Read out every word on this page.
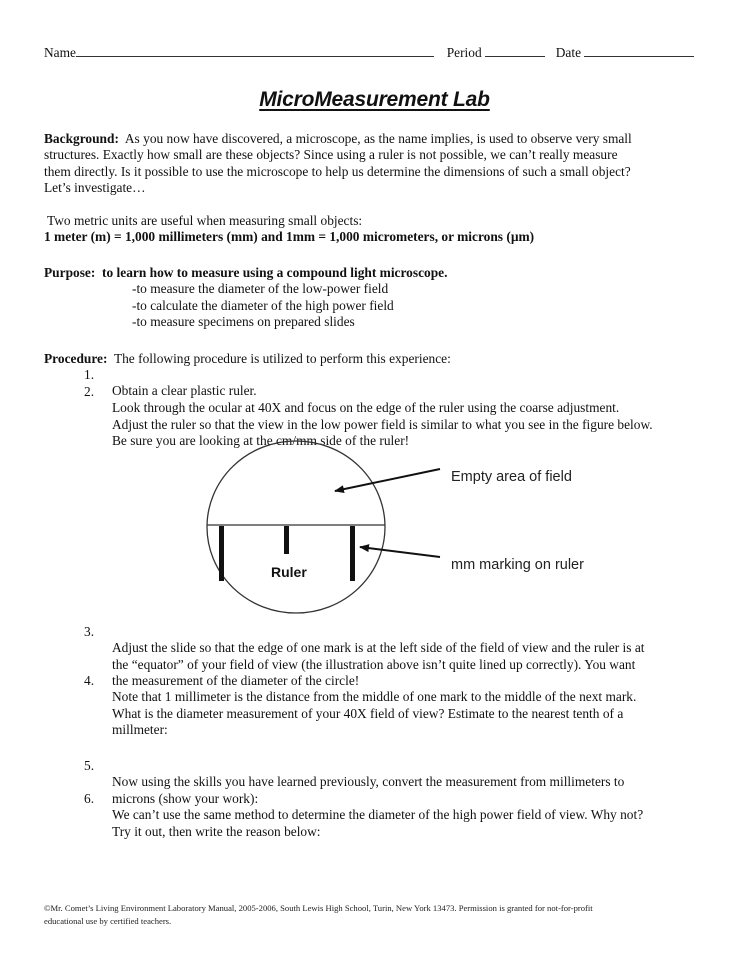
Name	Period	Date
MicroMeasurement Lab
Background: As you now have discovered, a microscope, as the name implies, is used to observe very small
structures. Exactly how small are these objects? Since using a ruler is not possible, we can’t really measure
them directly. Is it possible to use the microscope to help us determine the dimensions of such a small object?
Let’s investigate…
Two metric units are useful when measuring small objects:
1 meter (m) = 1,000 millimeters (mm) and 1mm = 1,000 micrometers, or microns (µm)
Purpose: to learn how to measure using a compound light microscope.
-to measure the diameter of the low-power field
-to calculate the diameter of the high power field
-to measure specimens on prepared slides
Procedure: The following procedure is utilized to perform this experience:
1.
Obtain a clear plastic ruler.
2.
Look through the ocular at 40X and focus on the edge of the ruler using the coarse adjustment.
Adjust the ruler so that the view in the low power field is similar to what you see in the figure below.
Be sure you are looking at the cm/mm side of the ruler!
Ruler
Empty area of field
mm marking on ruler
3.
Adjust the slide so that the edge of one mark is at the left side of the field of view and the ruler is at
the “equator” of your field of view (the illustration above isn’t quite lined up correctly). You want
the measurement of the diameter of the circle!
4.
Note that 1 millimeter is the distance from the middle of one mark to the middle of the next mark.
What is the diameter measurement of your 40X field of view? Estimate to the nearest tenth of a
millmeter:
5.
Now using the skills you have learned previously, convert the measurement from millimeters to
microns (show your work):
6.
We can’t use the same method to determine the diameter of the high power field of view. Why not?
Try it out, then write the reason below:
©Mr. Comet’s Living Environment Laboratory Manual, 2005-2006, South Lewis High School, Turin, New York 13473. Permission is granted for not-for-profit
educational use by certified teachers.
